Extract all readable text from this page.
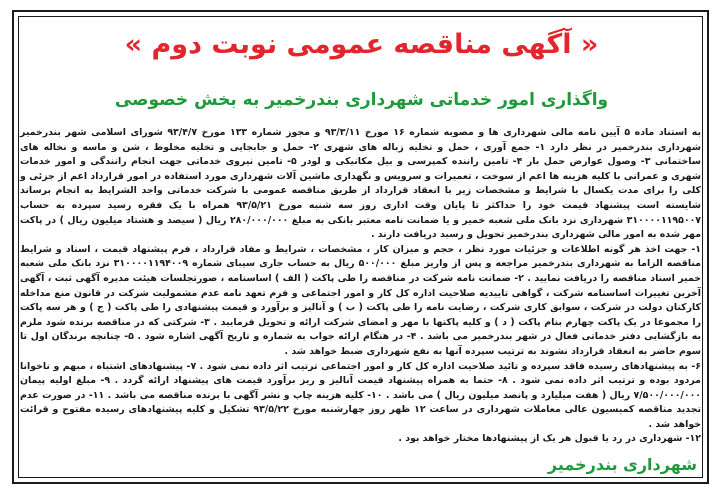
« آگهی مناقصه عمومی نوبت دوم »
واگذاری امور خدماتی شهرداری بندرخمیر به بخش خصوصی

به استناد ماده ۵ آیین نامه مالی شهرداری ها و مصوبه شماره ۱۶ مورخ ۹۳/۳/۱۱ و مجوز شماره ۱۳۳ مورخ ۹۳/۴/۷ شورای اسلامی شهر بندرخمیر شهرداری بندرخمیر در نظر دارد ۱- جمع آوری ، حمل و تخلیه زباله های شهری ۲- حمل و جابجایی و تخلیه مخلوط ، شن و ماسه و نخاله های ساختمانی ۳- وصول عوارض حمل بار ۴- تامین راننده کمپرسی و بیل مکانیکی و لودر ۵- تامین نیروی خدماتی جهت انجام رانندگی و امور خدمات شهری و عمرانی با کلیه هزینه ها اعم از سوخت ، تعمیرات و سرویس و نگهداری ماشین آلات شهرداری مورد استفاده در امور قرارداد اعم از جزئی و کلی را برای مدت یکسال با شرایط و مشخصات زیر با انعقاد قرارداد از طریق مناقصه عمومی با شرکت خدماتی واجد الشرایط به انجام برساند شایسته است پیشنهاد قیمت خود را حداکثر تا پایان وقت اداری روز سه شنبه مورخ ۹۳/۵/۲۱ همراه با یک فقره رسید سپرده به حساب ۳۱۰۰۰۰۱۱۹۵۰۰۷ شهرداری نزد بانک ملی شعبه خمیر و یا ضمانت نامه معتبر بانکی به مبلغ ۲۸۰/۰۰۰/۰۰۰ ریال ( سیصد و هشتاد میلیون ریال ) در پاکت مهر شده به امور مالی شهرداری بندرخمیر تحویل و رسید دریافت دارند .

۱- جهت اخذ هر گونه اطلاعات و جزئیات مورد نظر ، حجم و میزان کار ، مشخصات ، شرایط و مفاد قرارداد ، فرم پیشنهاد قیمت ، اسناد و شرایط مناقصه الزاما به شهرداری بندرخمیر مراجعه و پس از واریز مبلغ ۵۰۰/۰۰۰ ریال به حساب جاری سیبای شماره ۳۱۰۰۰۰۱۱۹۴۰۰۹ نزد بانک ملی شعبه خمیر اسناد مناقصه را دریافت نمایید . ۲- ضمانت نامه شرکت در مناقصه را طی پاکت ( الف ) اساسنامه ، صورتجلسات هیئت مدیره آگهی ثبت ، آگهی آخرین تغییرات اساسنامه شرکت ، گواهی تاییدیه صلاحیت اداره کل کار و امور اجتماعی و فرم تعهد نامه عدم مشمولیت شرکت در قانون منع مداخله کارکنان دولت در شرکت ، سوابق کاری شرکت ، رضایت نامه را طی پاکت ( ب ) و آنالیز و برآورد و قیمت پیشنهادی را طی پاکت ( ج ) و هر سه پاکت را مجموعا در یک پاکت چهارم بنام پاکت ( د ) و کلیه پاکتها با مهر و امضای شرکت ارائه و تحویل فرمایید . ۳- شرکتی که در مناقصه برنده شود ملزم به بازگشایی دفتر خدماتی فعال در شهر بندرخمیر می باشد . ۴- در هنگام ارائه جواب به شماره و تاریخ آگهی اشاره شود . ۵- چنانچه برندگان اول تا سوم حاضر به انعقاد قرارداد نشوند به ترتیب سپرده آنها به نفع شهرداری ضبط خواهد شد .

۶- به پیشنهادهای رسیده فاقد سپرده و تائید صلاحیت اداره کل کار و امور اجتماعی ترتیب اثر داده نمی شود . ۷- پیشنهادهای اشتباه ، مبهم و ناخوانا مردود بوده و ترتیب اثر داده نمی شود . ۸- حتما به همراه پیشنهاد قیمت آنالیز و ریز برآورد قیمت های پیشنهاد ارائه گردد . ۹- مبلغ اولیه پیمان ۷/۵۰۰/۰۰۰/۰۰۰ ریال ( هفت میلیارد و پانصد میلیون ریال ) می باشد . ۱۰- کلیه هزینه چاپ و نشر آگهی با برنده مناقصه می باشد . ۱۱- در صورت عدم تجدید مناقصه کمیسیون عالی معاملات شهرداری در ساعت ۱۲ ظهر روز چهارشنبه مورخ ۹۳/۵/۲۲ تشکیل و کلیه پیشنهادهای رسیده مفتوح و قرائت خواهد شد .

۱۲- شهرداری در رد یا قبول هر یک از پیشنهادها مختار خواهد بود .

شهرداری بندرخمیر
